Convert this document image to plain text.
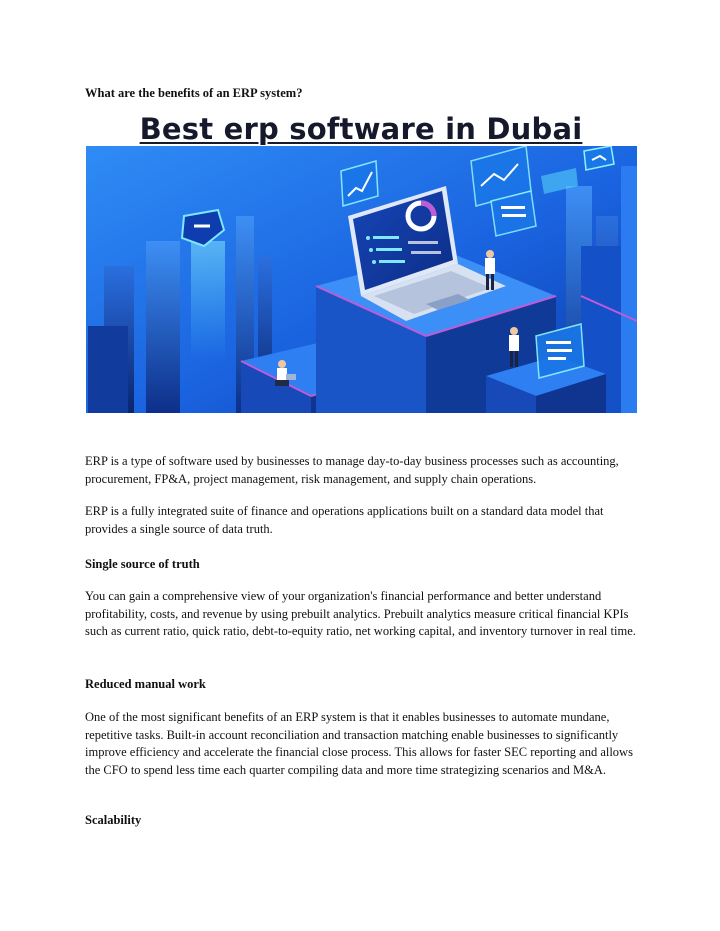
What are the benefits of an ERP system?
Best erp software in Dubai
ERP is a type of software used by businesses to manage day-to-day business processes such as accounting, procurement, FP&A, project management, risk management, and supply chain operations.
ERP is a fully integrated suite of finance and operations applications built on a standard data model that provides a single source of data truth.
Single source of truth
You can gain a comprehensive view of your organization's financial performance and better understand profitability, costs, and revenue by using prebuilt analytics. Prebuilt analytics measure critical financial KPIs such as current ratio, quick ratio, debt-to-equity ratio, net working capital, and inventory turnover in real time.
Reduced manual work
One of the most significant benefits of an ERP system is that it enables businesses to automate mundane, repetitive tasks. Built-in account reconciliation and transaction matching enable businesses to significantly improve efficiency and accelerate the financial close process. This allows for faster SEC reporting and allows the CFO to spend less time each quarter compiling data and more time strategizing scenarios and M&A.
Scalability
